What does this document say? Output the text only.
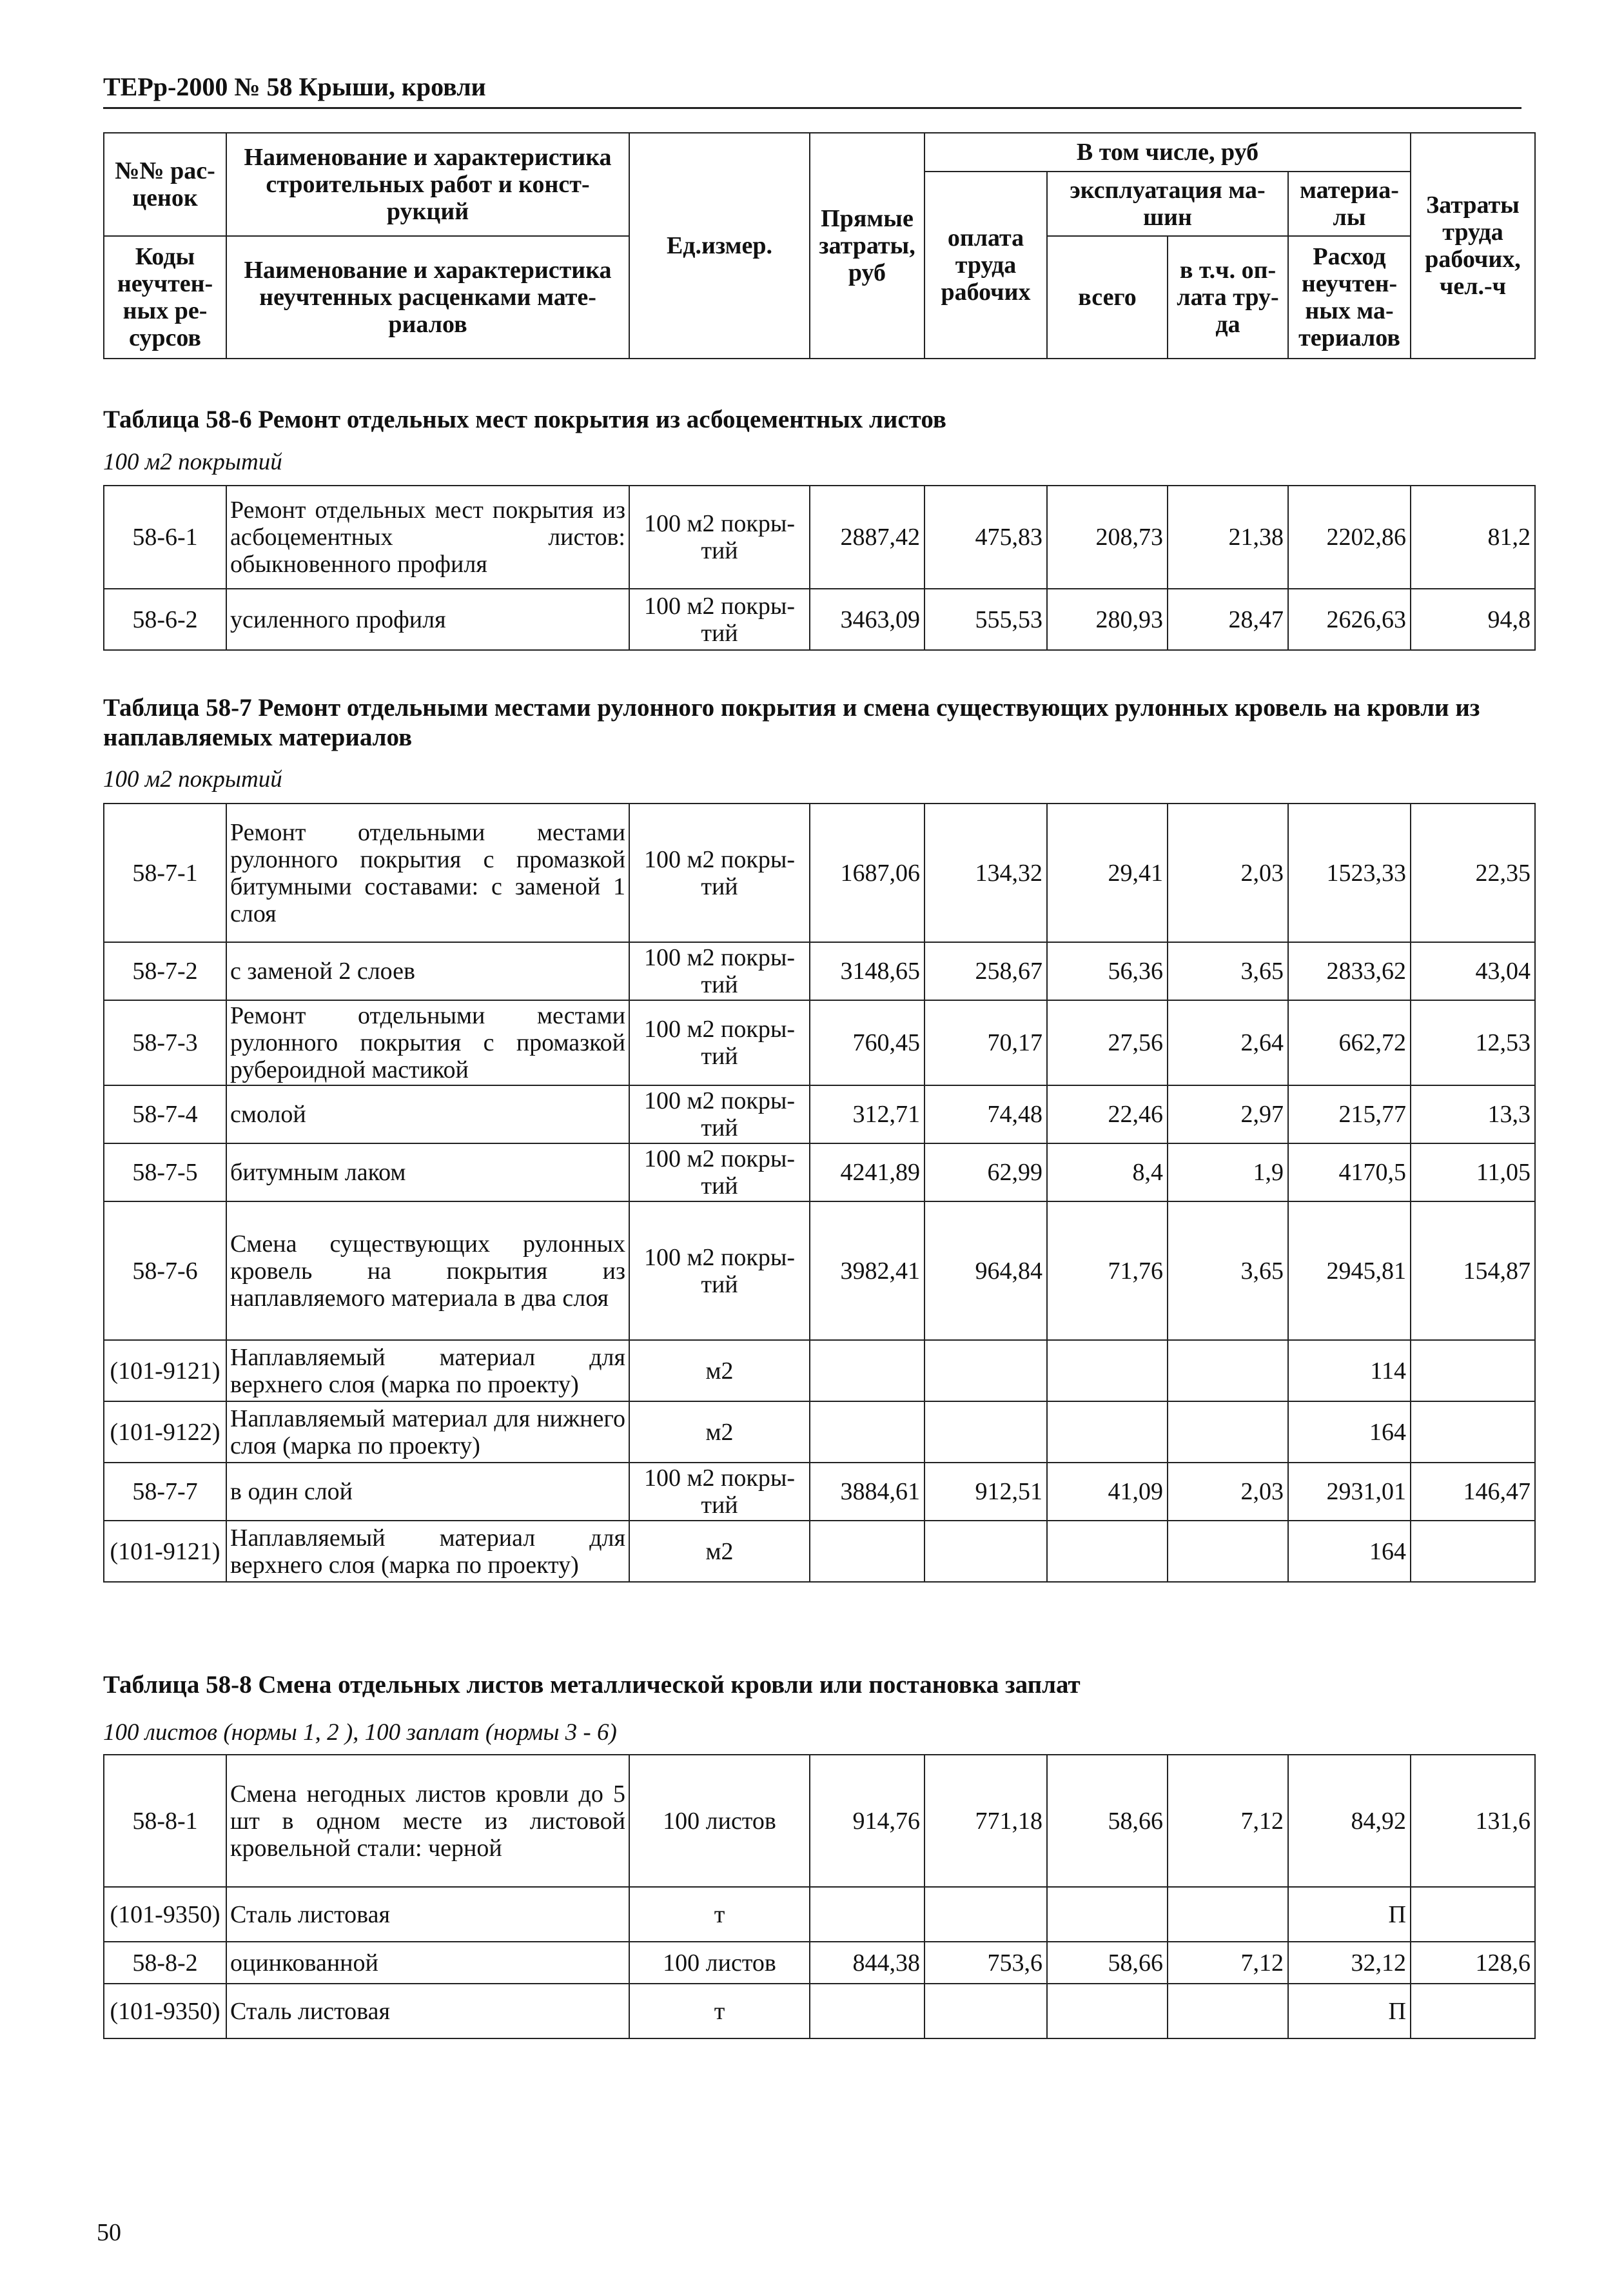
ТЕРр-2000 № 58 Крыши, кровли
№№ рас-ценок	Наименование и характеристика строительных работ и конст-рукций	Ед.измер.	Прямые затраты, руб	В том числе, руб				Затраты труда рабочих, чел.-ч
				оплата труда рабочих	эксплуатация ма-шин		материа-лы	
Коды неучтен-ных ре-сурсов	Наименование и характеристика неучтенных расценками мате-риалов				всего	в т.ч. оп-лата тру-да	Расход неучтен-ных ма-териалов	

Таблица 58-6 Ремонт отдельных мест покрытия из асбоцементных листов
100 м2 покрытий
58-6-1	Ремонт отдельных мест покрытия из асбоцементных листов: обыкновенного профиля	100 м2 покры-тий	2887,42	475,83	208,73	21,38	2202,86	81,2
58-6-2	усиленного профиля	100 м2 покры-тий	3463,09	555,53	280,93	28,47	2626,63	94,8
Таблица 58-7 Ремонт отдельными местами рулонного покрытия и смена существующих рулонных кровель на кровли из наплавляемых материалов
100 м2 покрытий
58-7-1	Ремонт отдельными местами рулонного покрытия с промазкой битумными составами: с заменой 1 слоя	100 м2 покры-тий	1687,06	134,32	29,41	2,03	1523,33	22,35
58-7-2	с заменой 2 слоев	100 м2 покры-тий	3148,65	258,67	56,36	3,65	2833,62	43,04
58-7-3	Ремонт отдельными местами рулонного покрытия с промазкой рубероидной мастикой	100 м2 покры-тий	760,45	70,17	27,56	2,64	662,72	12,53
58-7-4	смолой	100 м2 покры-тий	312,71	74,48	22,46	2,97	215,77	13,3
58-7-5	битумным лаком	100 м2 покры-тий	4241,89	62,99	8,4	1,9	4170,5	11,05
58-7-6	Смена существующих рулонных кровель на покрытия из наплавляемого материала в два слоя	100 м2 покры-тий	3982,41	964,84	71,76	3,65	2945,81	154,87
(101-9121)	Наплавляемый материал для верхнего слоя (марка по проекту)	м2					114	
(101-9122)	Наплавляемый материал для нижнего слоя (марка по проекту)	м2					164	
58-7-7	в один слой	100 м2 покры-тий	3884,61	912,51	41,09	2,03	2931,01	146,47
(101-9121)	Наплавляемый материал для верхнего слоя (марка по проекту)	м2					164	
Таблица 58-8 Смена отдельных листов металлической кровли или постановка заплат
100 листов (нормы 1, 2 ), 100 заплат (нормы 3 - 6)
58-8-1	Смена негодных листов кровли до 5 шт в одном месте из листовой кровельной стали: черной	100 листов	914,76	771,18	58,66	7,12	84,92	131,6
(101-9350)	Сталь листовая	т					П	
58-8-2	оцинкованной	100 листов	844,38	753,6	58,66	7,12	32,12	128,6
(101-9350)	Сталь листовая	т					П	
50
